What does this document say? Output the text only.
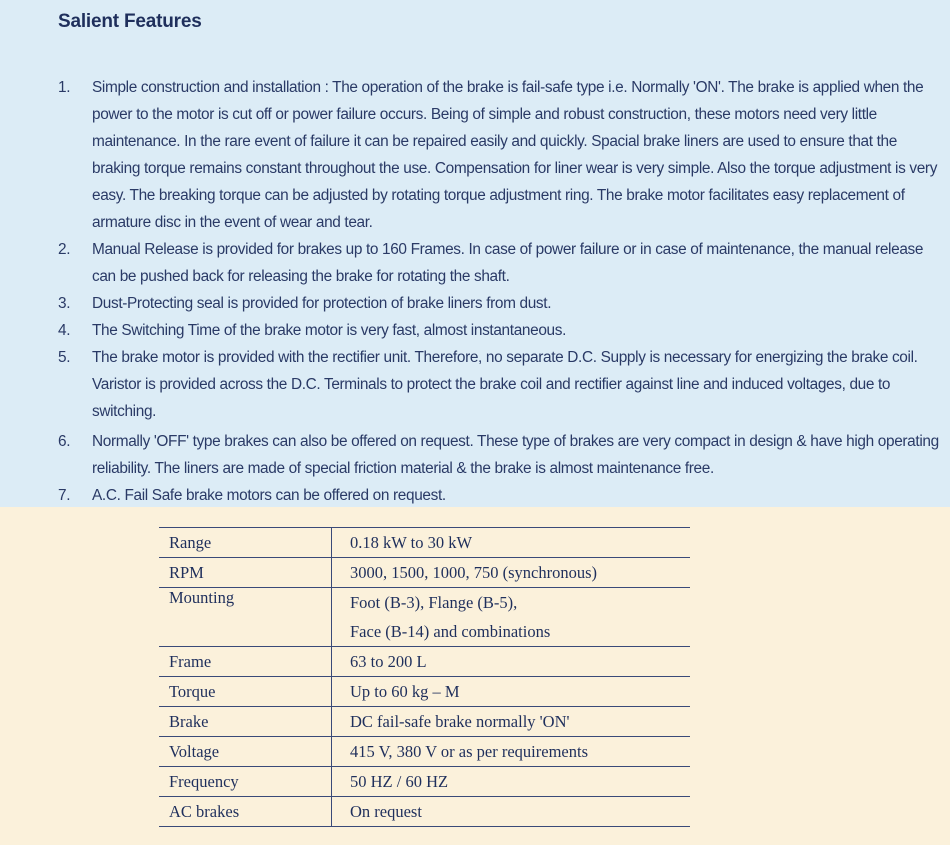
Salient Features
1. Simple construction and installation : The operation of the brake is fail-safe type i.e. Normally 'ON'. The brake is applied when the power to the motor is cut off or power failure occurs. Being of simple and robust construction, these motors need very little maintenance. In the rare event of failure it can be repaired easily and quickly. Spacial brake liners are used to ensure that the braking torque remains constant throughout the use. Compensation for liner wear is very simple. Also the torque adjustment is very easy. The breaking torque can be adjusted by rotating torque adjustment ring. The brake motor facilitates easy replacement of armature disc in the event of wear and tear.
2. Manual Release is provided for brakes up to 160 Frames. In case of power failure or in case of maintenance, the manual release can be pushed back for releasing the brake for rotating the shaft.
3. Dust-Protecting seal is provided for protection of brake liners from dust.
4. The Switching Time of the brake motor is very fast, almost instantaneous.
5. The brake motor is provided with the rectifier unit. Therefore, no separate D.C. Supply is necessary for energizing the brake coil. Varistor is provided across the D.C. Terminals to protect the brake coil and rectifier against line and induced voltages, due to switching.
6. Normally 'OFF' type brakes can also be offered on request. These type of brakes are very compact in design & have high operating reliability. The liners are made of special friction material & the brake is almost maintenance free.
7. A.C. Fail Safe brake motors can be offered on request.
Range	0.18 kW to 30 kW
RPM	3000, 1500, 1000, 750 (synchronous)
Mounting	Foot (B-3), Flange (B-5),
Face (B-14) and combinations

Frame	63 to 200 L
Torque	Up to 60 kg – M
Brake	DC fail-safe brake normally 'ON'
Voltage	415 V, 380 V or as per requirements
Frequency	50 HZ / 60 HZ
AC brakes	On request
